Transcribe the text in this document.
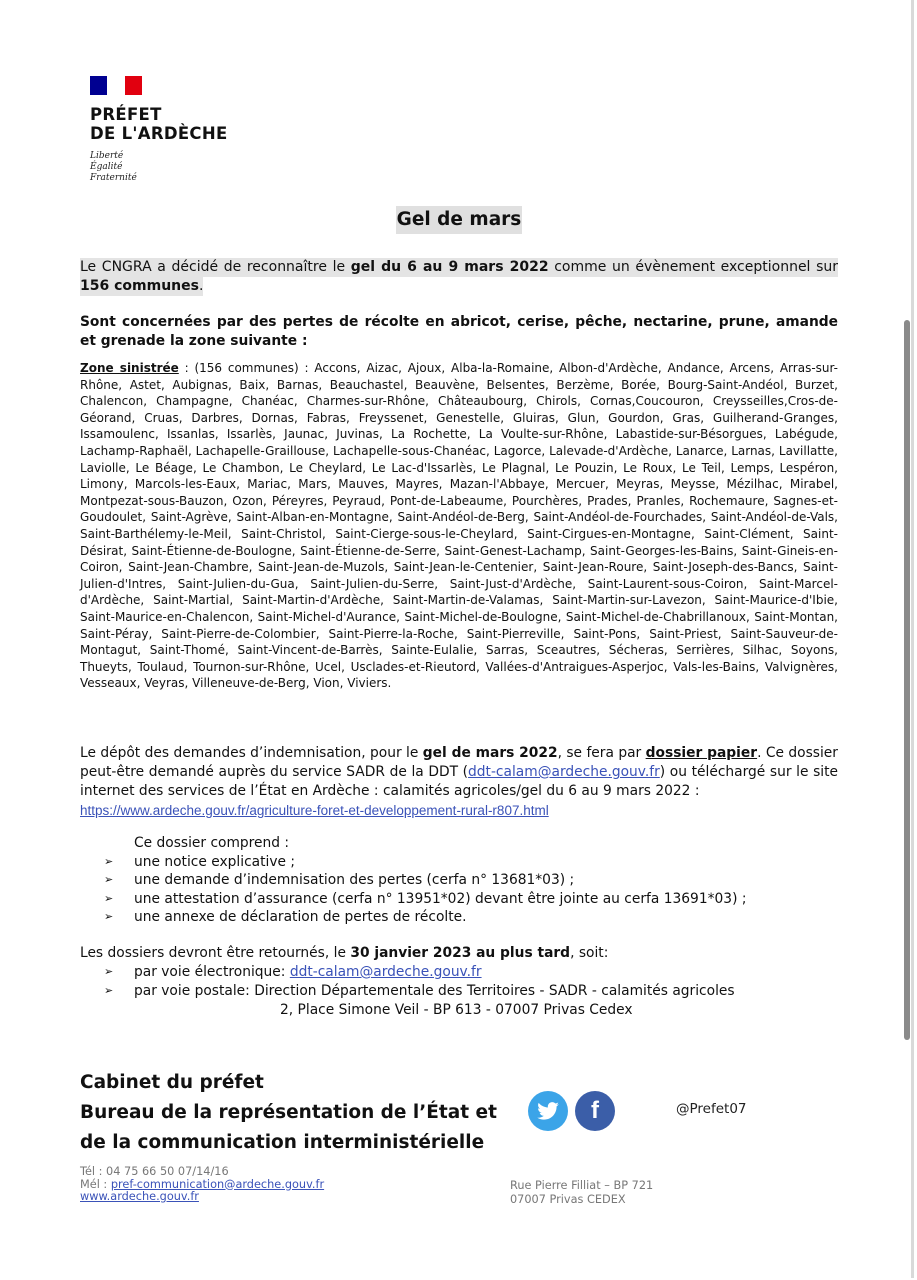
PRÉFET
DE L'ARDÈCHE
Liberté
Égalité
Fraternité
Gel de mars
Le CNGRA a décidé de reconnaître le gel du 6 au 9 mars 2022 comme un évènement exceptionnel sur
156 communes.
Sont concernées par des pertes de récolte en abricot, cerise, pêche, nectarine, prune, amande et grenade la zone suivante :
Zone sinistrée : (156 communes) : Accons, Aizac, Ajoux, Alba-la-Romaine, Albon-d'Ardèche, Andance, Arcens, Arras-sur-Rhône, Astet, Aubignas, Baix, Barnas, Beauchastel, Beauvène, Belsentes, Berzème, Borée, Bourg-Saint-Andéol, Burzet, Chalencon, Champagne, Chanéac, Charmes-sur-Rhône, Châteaubourg, Chirols, Cornas,Coucouron, Creysseilles,Cros-de-Géorand, Cruas, Darbres, Dornas, Fabras, Freyssenet, Genestelle, Gluiras, Glun, Gourdon, Gras, Guilherand-Granges, Issamoulenc, Issanlas, Issarlès, Jaunac, Juvinas, La Rochette, La Voulte-sur-Rhône, Labastide-sur-Bésorgues, Labégude, Lachamp-Raphaël, Lachapelle-Graillouse, Lachapelle-sous-Chanéac, Lagorce, Lalevade-d'Ardèche, Lanarce, Larnas, Lavillatte, Laviolle, Le Béage, Le Chambon, Le Cheylard, Le Lac-d'Issarlès, Le Plagnal, Le Pouzin, Le Roux, Le Teil, Lemps, Lespéron, Limony, Marcols-les-Eaux, Mariac, Mars, Mauves, Mayres, Mazan-l'Abbaye, Mercuer, Meyras, Meysse, Mézilhac, Mirabel, Montpezat-sous-Bauzon, Ozon, Péreyres, Peyraud, Pont-de-Labeaume, Pourchères, Prades, Pranles, Rochemaure, Sagnes-et-Goudoulet, Saint-Agrève, Saint-Alban-en-Montagne, Saint-Andéol-de-Berg, Saint-Andéol-de-Fourchades, Saint-Andéol-de-Vals, Saint-Barthélemy-le-Meil, Saint-Christol, Saint-Cierge-sous-le-Cheylard, Saint-Cirgues-en-Montagne, Saint-Clément, Saint-Désirat, Saint-Étienne-de-Boulogne, Saint-Étienne-de-Serre, Saint-Genest-Lachamp, Saint-Georges-les-Bains, Saint-Gineis-en-Coiron, Saint-Jean-Chambre, Saint-Jean-de-Muzols, Saint-Jean-le-Centenier, Saint-Jean-Roure, Saint-Joseph-des-Bancs, Saint-Julien-d'Intres, Saint-Julien-du-Gua, Saint-Julien-du-Serre, Saint-Just-d'Ardèche, Saint-Laurent-sous-Coiron, Saint-Marcel-d'Ardèche, Saint-Martial, Saint-Martin-d'Ardèche, Saint-Martin-de-Valamas, Saint-Martin-sur-Lavezon, Saint-Maurice-d'Ibie, Saint-Maurice-en-Chalencon, Saint-Michel-d'Aurance, Saint-Michel-de-Boulogne, Saint-Michel-de-Chabrillanoux, Saint-Montan, Saint-Péray, Saint-Pierre-de-Colombier, Saint-Pierre-la-Roche, Saint-Pierreville, Saint-Pons, Saint-Priest, Saint-Sauveur-de-Montagut, Saint-Thomé, Saint-Vincent-de-Barrès, Sainte-Eulalie, Sarras, Sceautres, Sécheras, Serrières, Silhac, Soyons, Thueyts, Toulaud, Tournon-sur-Rhône, Ucel, Usclades-et-Rieutord, Vallées-d'Antraigues-Asperjoc, Vals-les-Bains, Valvignères, Vesseaux, Veyras, Villeneuve-de-Berg, Vion, Viviers.
Le dépôt des demandes d’indemnisation, pour le gel de mars 2022, se fera par dossier papier. Ce dossier peut-être demandé auprès du service SADR de la DDT (ddt-calam@ardeche.gouv.fr) ou téléchargé sur le site internet des services de l’État en Ardèche : calamités agricoles/gel du 6 au 9 mars 2022 :
https://www.ardeche.gouv.fr/agriculture-foret-et-developpement-rural-r807.html
Ce dossier comprend :
➢	une notice explicative ;
➢	une demande d’indemnisation des pertes (cerfa n° 13681*03) ;
➢	une attestation d’assurance (cerfa n° 13951*02) devant être jointe au cerfa 13691*03) ;
➢	une annexe de déclaration de pertes de récolte.
Les dossiers devront être retournés, le 30 janvier 2023 au plus tard, soit:
➢	par voie électronique: ddt-calam@ardeche.gouv.fr
➢	par voie postale: Direction Départementale des Territoires - SADR - calamités agricoles
2, Place Simone Veil - BP 613 - 07007 Privas Cedex
Cabinet du préfet
Bureau de la représentation de l’État et
de la communication interministérielle
f	@Prefet07
Tél : 04 75 66 50 07/14/16
Mél : pref-communication@ardeche.gouv.fr
www.ardeche.gouv.fr
Rue Pierre Filliat – BP 721
07007 Privas CEDEX
